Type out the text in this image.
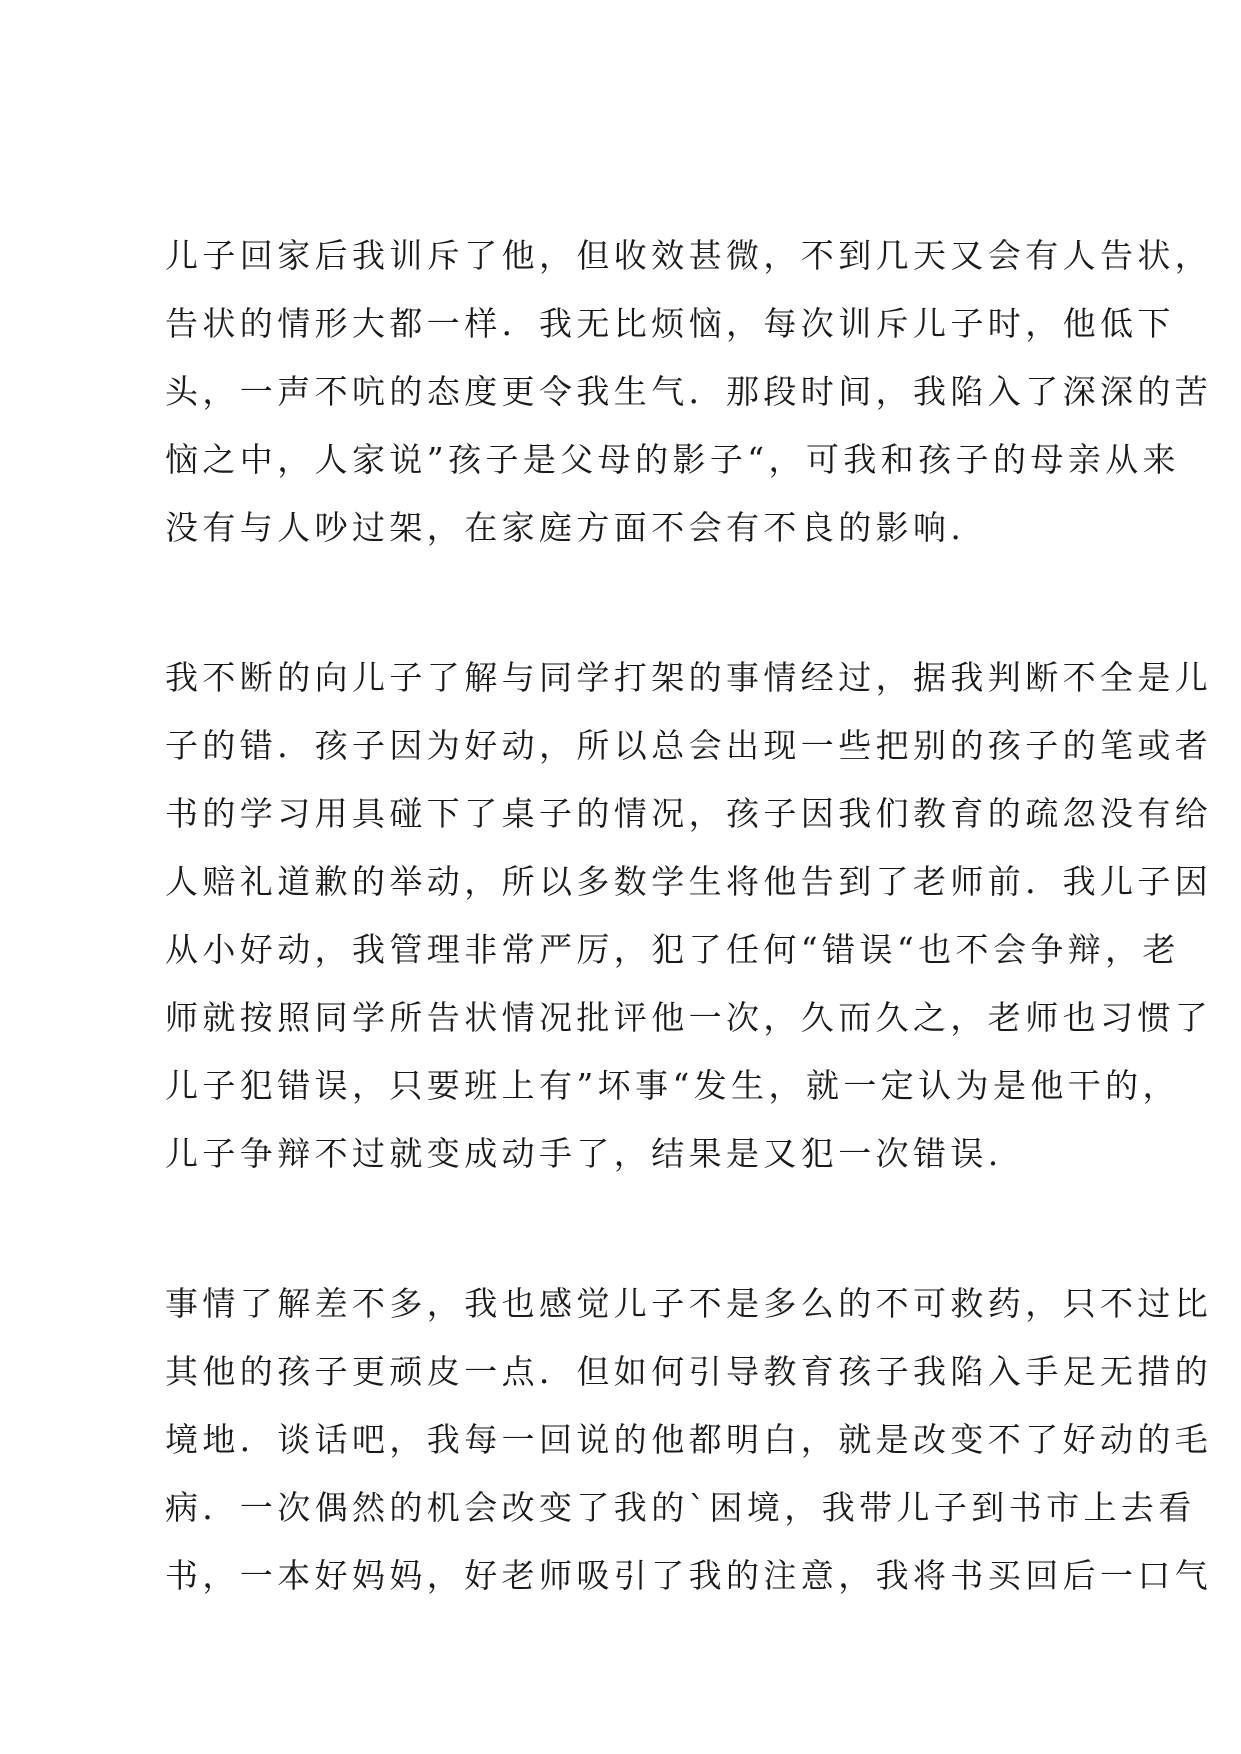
儿子回家后我训斥了他，但收效甚微，不到几天又会有人告状，
告状的情形大都一样．我无比烦恼，每次训斥儿子时，他低下
头，一声不吭的态度更令我生气．那段时间，我陷入了深深的苦
恼之中，人家说”孩子是父母的影子“，可我和孩子的母亲从来
没有与人吵过架，在家庭方面不会有不良的影响.
我不断的向儿子了解与同学打架的事情经过，据我判断不全是儿
子的错．孩子因为好动，所以总会出现一些把别的孩子的笔或者
书的学习用具碰下了桌子的情况，孩子因我们教育的疏忽没有给
人赔礼道歉的举动，所以多数学生将他告到了老师前．我儿子因
从小好动，我管理非常严厉，犯了任何“错误“也不会争辩，老
师就按照同学所告状情况批评他一次，久而久之，老师也习惯了
儿子犯错误，只要班上有”坏事“发生，就一定认为是他干的，
儿子争辩不过就变成动手了，结果是又犯一次错误.
事情了解差不多，我也感觉儿子不是多么的不可救药，只不过比
其他的孩子更顽皮一点．但如何引导教育孩子我陷入手足无措的
境地．谈话吧，我每一回说的他都明白，就是改变不了好动的毛
病．一次偶然的机会改变了我的`困境，我带儿子到书市上去看
书，一本好妈妈，好老师吸引了我的注意，我将书买回后一口气
